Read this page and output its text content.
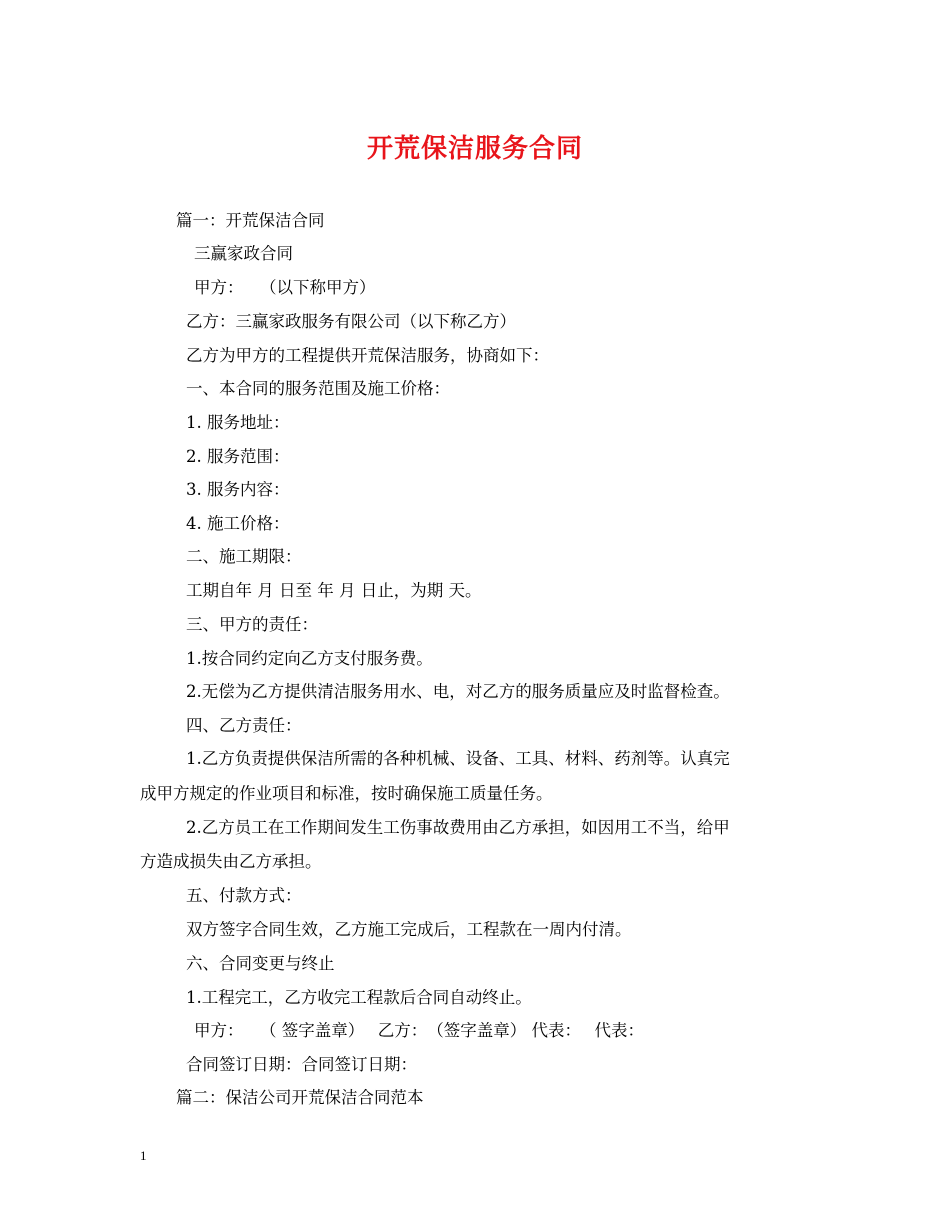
开荒保洁服务合同
篇一：开荒保洁合同
三赢家政合同
甲方：　　（以下称甲方）
乙方：三赢家政服务有限公司（以下称乙方）
乙方为甲方的工程提供开荒保洁服务，协商如下：
一、本合同的服务范围及施工价格：
1. 服务地址：
2. 服务范围：
3. 服务内容：
4. 施工价格：
二、施工期限：
工期自年 月 日至 年 月 日止，为期 天。
三、甲方的责任：
1.按合同约定向乙方支付服务费。
2.无偿为乙方提供清洁服务用水、电，对乙方的服务质量应及时监督检查。
四、乙方责任：
1.乙方负责提供保洁所需的各种机械、设备、工具、材料、药剂等。认真完
成甲方规定的作业项目和标准，按时确保施工质量任务。
2.乙方员工在工作期间发生工伤事故费用由乙方承担，如因用工不当，给甲
方造成损失由乙方承担。
五、付款方式：
双方签字合同生效，乙方施工完成后，工程款在一周内付清。
六、合同变更与终止
1.工程完工，乙方收完工程款后合同自动终止。
甲方：　　（ 签字盖章）　 乙方：　（签字盖章） 代表：　 代表：
合同签订日期：合同签订日期：
篇二：保洁公司开荒保洁合同范本
1
